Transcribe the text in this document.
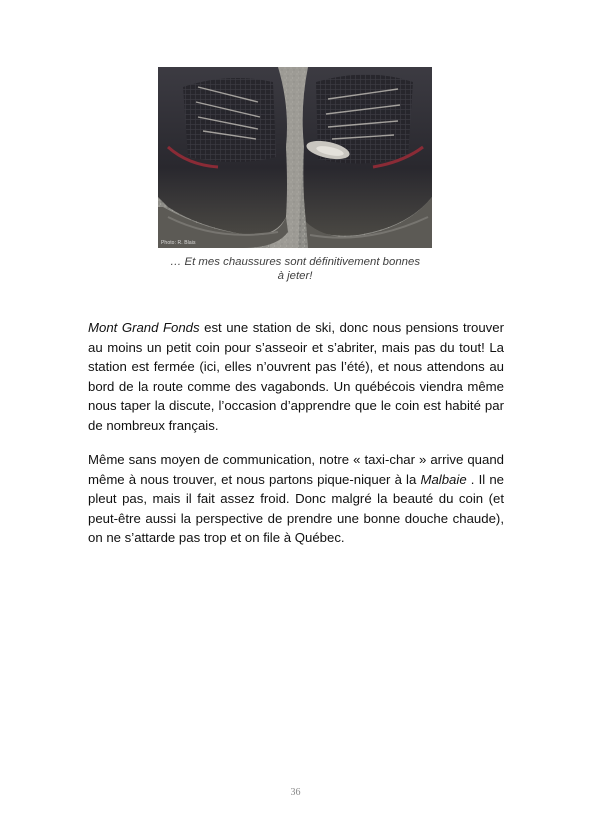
Photo: R. Blais
… Et mes chaussures sont définitivement bonnes
à jeter!

Mont Grand Fonds est une station de ski, donc nous pensions trouver au moins un petit coin pour s’asseoir et s’abriter, mais pas du tout! La station est fermée (ici, elles n’ouvrent pas l’été), et nous attendons au bord de la route comme des vagabonds. Un québécois viendra même nous taper la discute, l’occasion d’apprendre que le coin est habité par de nombreux français.

Même sans moyen de communication, notre « taxi-char » arrive quand même à nous trouver, et nous partons pique-niquer à la Malbaie . Il ne pleut pas, mais il fait assez froid. Donc malgré la beauté du coin (et peut-être aussi la perspective de prendre une bonne douche chaude), on ne s’attarde pas trop et on file à Québec.

36
